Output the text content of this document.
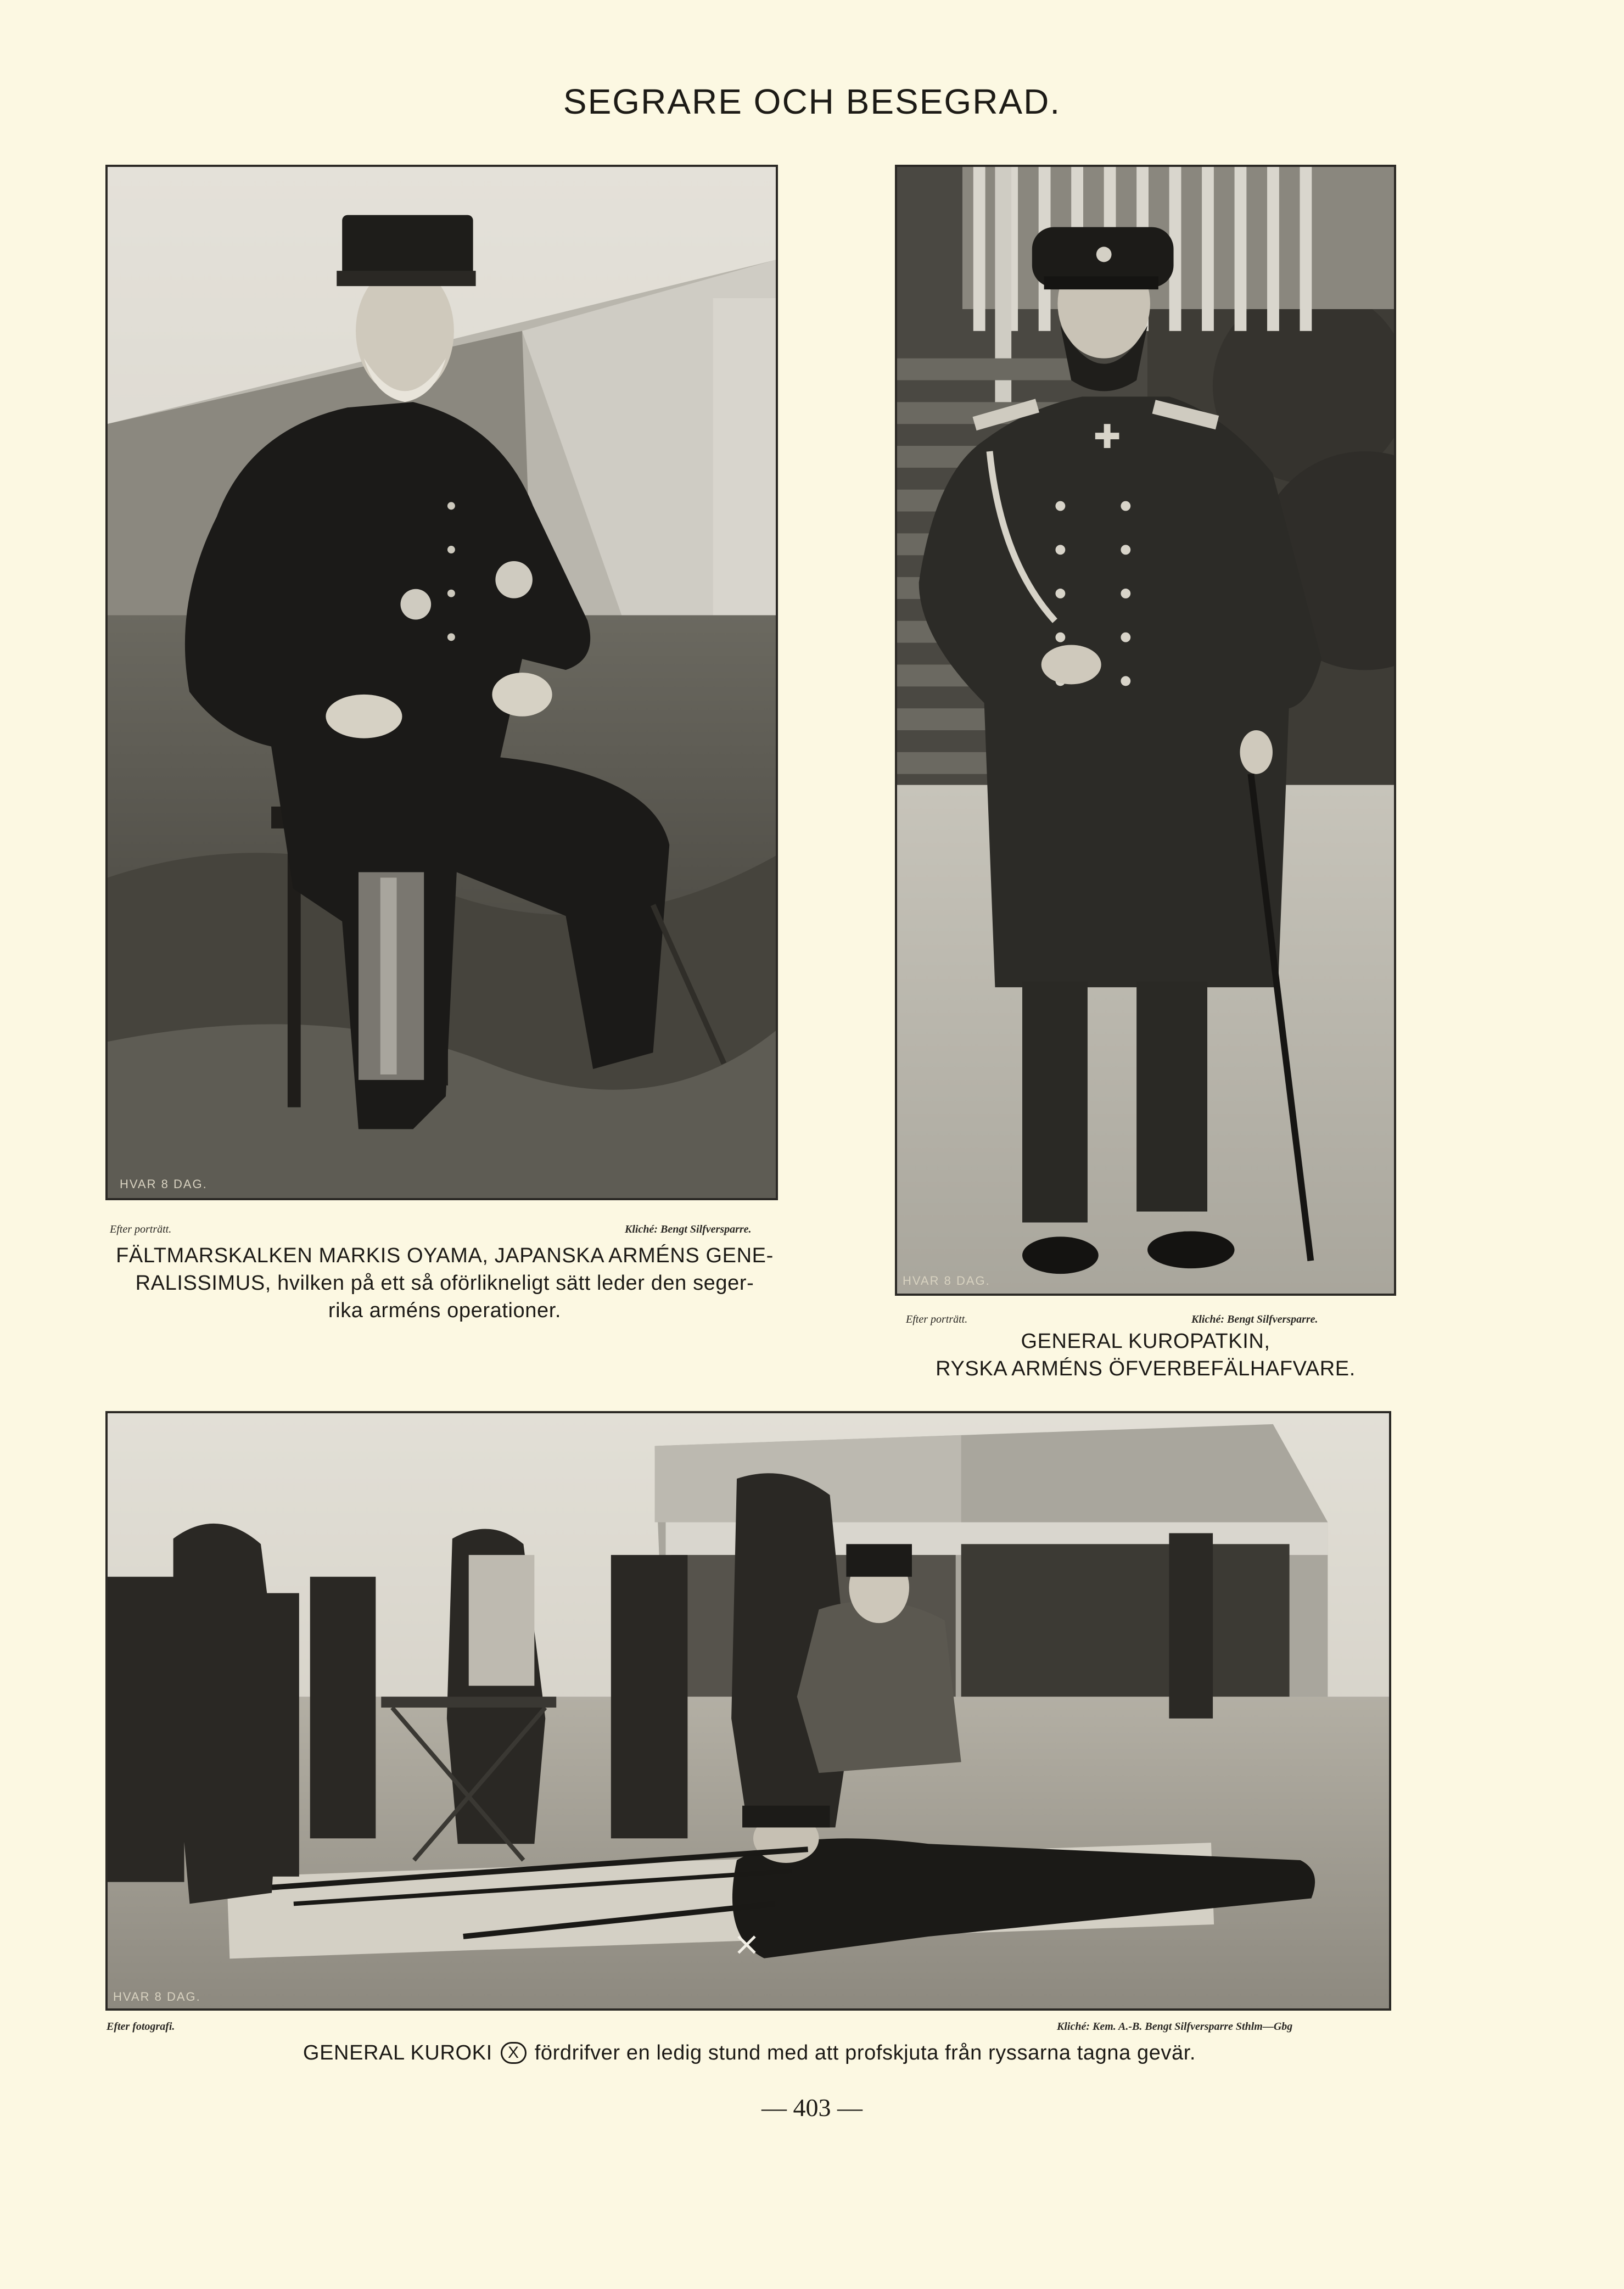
SEGRARE OCH BESEGRAD.
HVAR 8 DAG.
Efter porträtt.	Kliché: Bengt Silfversparre.
FÄLTMARSKALKEN MARKIS OYAMA, JAPANSKA ARMÉNS GENE-
RALISSIMUS, hvilken på ett så oförlikneligt sätt leder den seger-
rika arméns operationer.
HVAR 8 DAG.
Efter porträtt.	Kliché: Bengt Silfversparre.
GENERAL KUROPATKIN,
RYSKA ARMÉNS ÖFVERBEFÄLHAFVARE.
HVAR 8 DAG.
Efter fotografi.	Kliché: Kem. A.-B. Bengt Silfversparre Sthlm—Gbg
GENERAL KUROKI X fördrifver en ledig stund med att profskjuta från ryssarna tagna gevär.
— 403 —
